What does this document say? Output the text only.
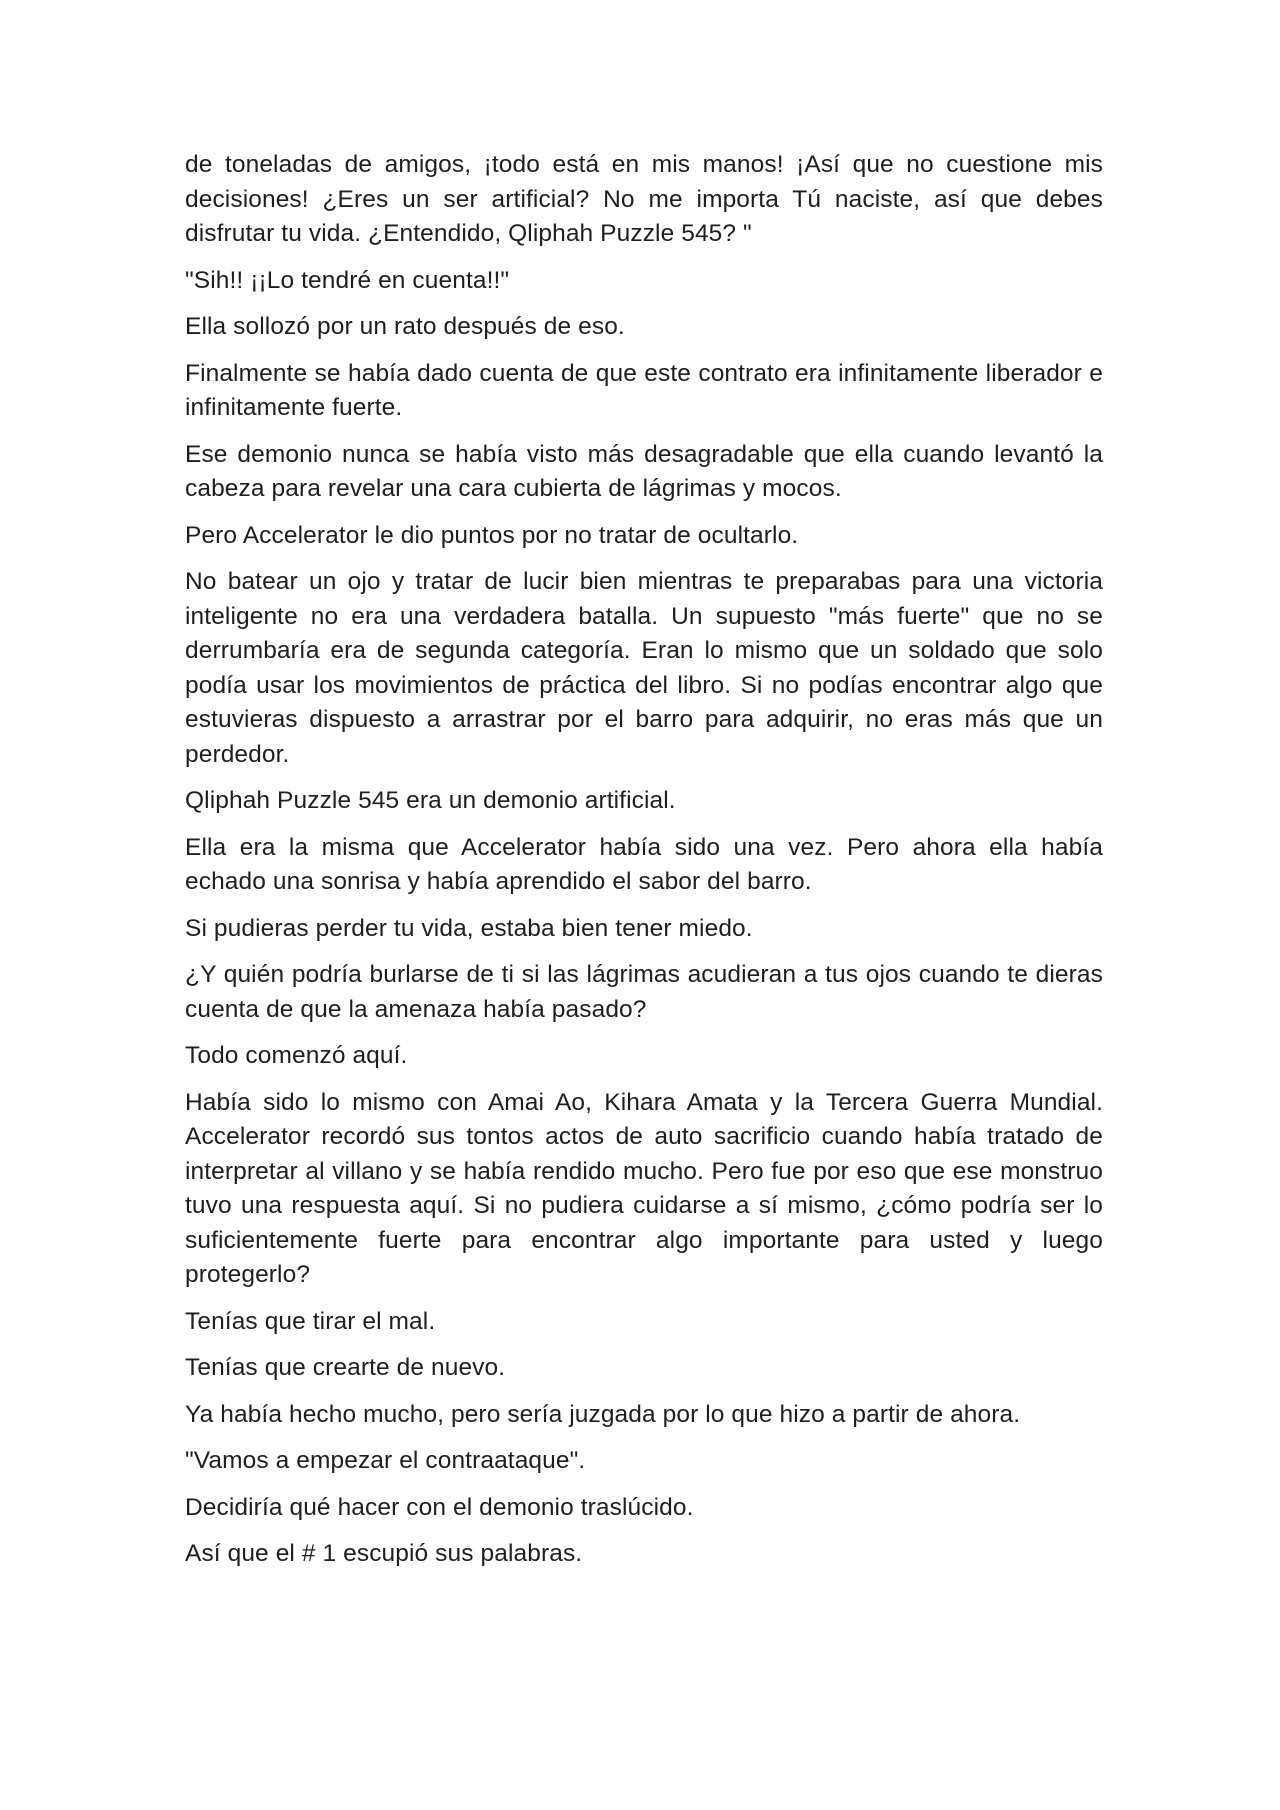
de toneladas de amigos, ¡todo está en mis manos! ¡Así que no cuestione mis decisiones! ¿Eres un ser artificial? No me importa Tú naciste, así que debes disfrutar tu vida. ¿Entendido, Qliphah Puzzle 545? "

"Sih!! ¡¡Lo tendré en cuenta!!"

Ella sollozó por un rato después de eso.

Finalmente se había dado cuenta de que este contrato era infinitamente liberador e infinitamente fuerte.

Ese demonio nunca se había visto más desagradable que ella cuando levantó la cabeza para revelar una cara cubierta de lágrimas y mocos.

Pero Accelerator le dio puntos por no tratar de ocultarlo.

No batear un ojo y tratar de lucir bien mientras te preparabas para una victoria inteligente no era una verdadera batalla. Un supuesto "más fuerte" que no se derrumbaría era de segunda categoría. Eran lo mismo que un soldado que solo podía usar los movimientos de práctica del libro. Si no podías encontrar algo que estuvieras dispuesto a arrastrar por el barro para adquirir, no eras más que un perdedor.

Qliphah Puzzle 545 era un demonio artificial.

Ella era la misma que Accelerator había sido una vez. Pero ahora ella había echado una sonrisa y había aprendido el sabor del barro.

Si pudieras perder tu vida, estaba bien tener miedo.

¿Y quién podría burlarse de ti si las lágrimas acudieran a tus ojos cuando te dieras cuenta de que la amenaza había pasado?

Todo comenzó aquí.

Había sido lo mismo con Amai Ao, Kihara Amata y la Tercera Guerra Mundial. Accelerator recordó sus tontos actos de auto sacrificio cuando había tratado de interpretar al villano y se había rendido mucho. Pero fue por eso que ese monstruo tuvo una respuesta aquí. Si no pudiera cuidarse a sí mismo, ¿cómo podría ser lo suficientemente fuerte para encontrar algo importante para usted y luego protegerlo?

Tenías que tirar el mal.

Tenías que crearte de nuevo.

Ya había hecho mucho, pero sería juzgada por lo que hizo a partir de ahora.

"Vamos a empezar el contraataque".

Decidiría qué hacer con el demonio traslúcido.

Así que el # 1 escupió sus palabras.
